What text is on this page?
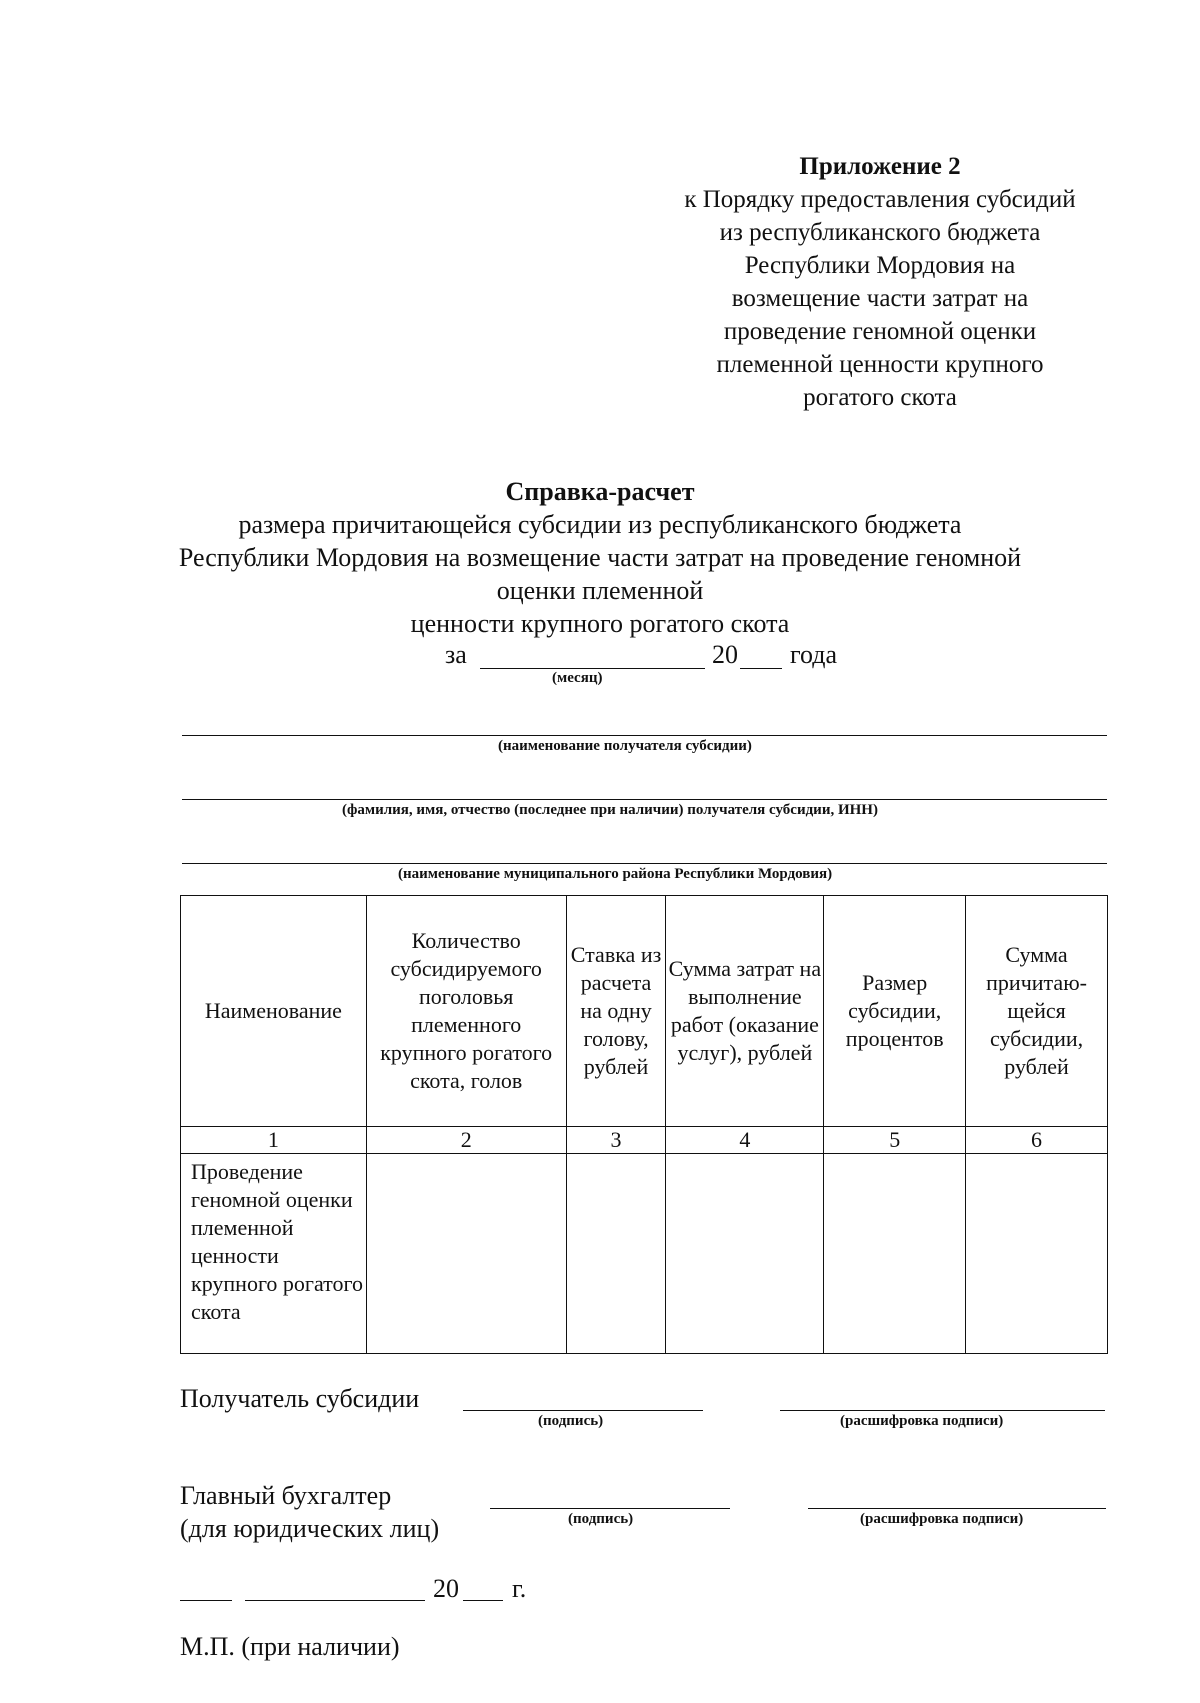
Приложение 2
к Порядку предоставления субсидий
из республиканского бюджета
Республики Мордовия на
возмещение части затрат на
проведение геномной оценки
племенной ценности крупного
рогатого скота
Справка-расчет
размера причитающейся субсидии из республиканского бюджета
Республики Мордовия на возмещение части затрат на проведение геномной
оценки племенной
ценности крупного рогатого скота
за	20 года
(месяц)
(наименование получателя субсидии)
(фамилия, имя, отчество (последнее при наличии) получателя субсидии, ИНН)
(наименование муниципального района Республики Мордовия)
Наименование	Количество субсидируемого поголовья племенного крупного рогатого скота, голов	Ставка из расчета на одну голову, рублей	Сумма затрат на выполнение работ (оказание услуг), рублей	Размер субсидии, процентов	Сумма причитаю-щейся субсидии, рублей
1	2	3	4	5	6
Проведение геномной оценки племенной ценности крупного рогатого скота					
Получатель субсидии
(подпись)	(расшифровка подписи)
Главный бухгалтер
(для юридических лиц)	(подпись)	(расшифровка подписи)
20 г.
М.П. (при наличии)
